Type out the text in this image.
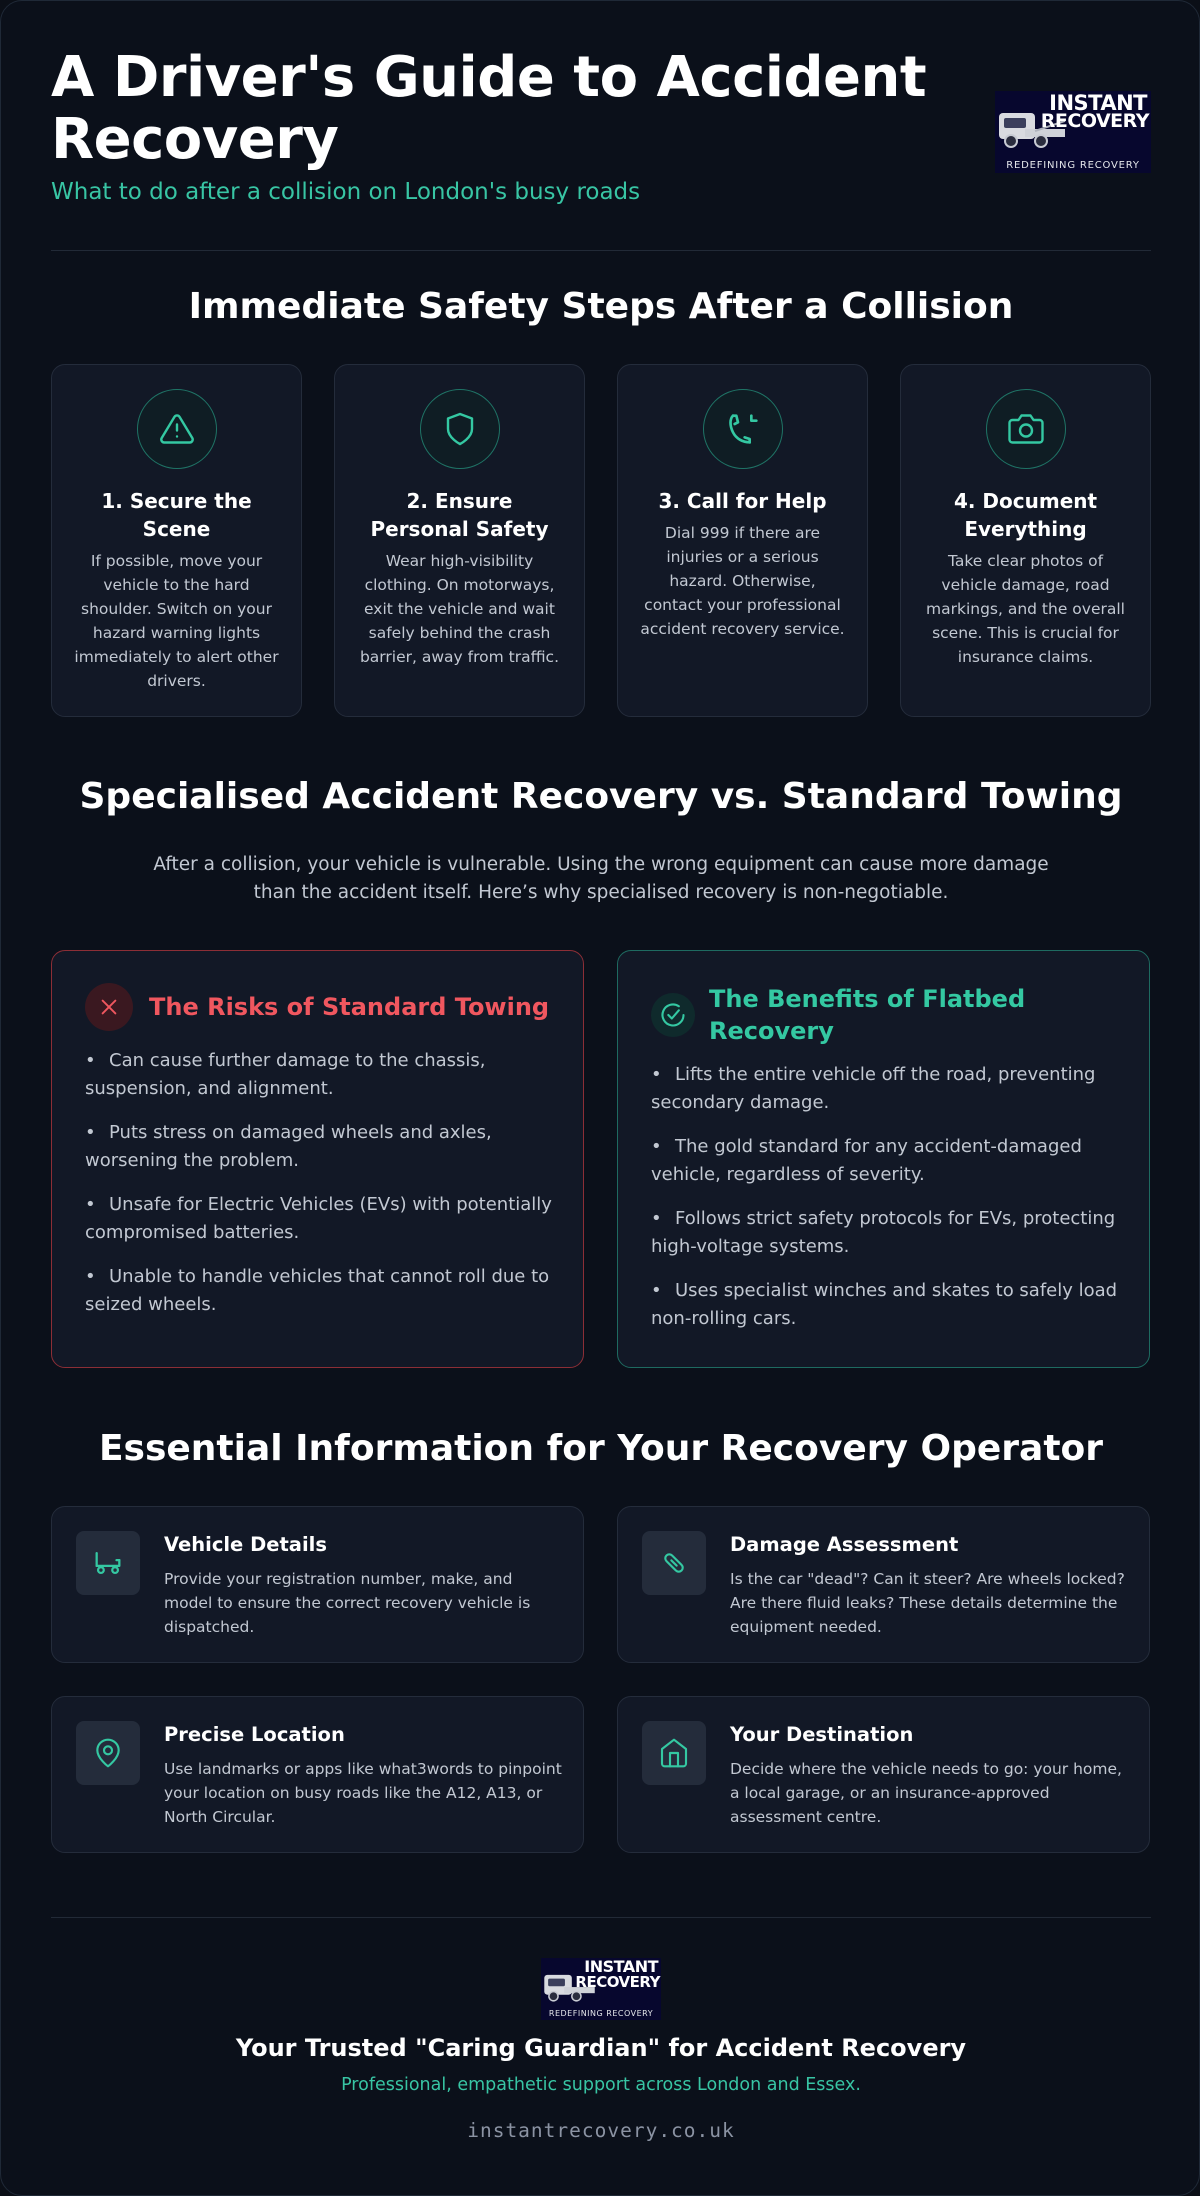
A Driver's Guide to Accident Recovery
What to do after a collision on London's busy roads
INSTANT
RECOVERY
REDEFINING RECOVERY
Immediate Safety Steps After a Collision
1. Secure the Scene
If possible, move your vehicle to the hard shoulder. Switch on your hazard warning lights immediately to alert other drivers.
2. Ensure Personal Safety
Wear high-visibility clothing. On motorways, exit the vehicle and wait safely behind the crash barrier, away from traffic.
3. Call for Help
Dial 999 if there are injuries or a serious hazard. Otherwise, contact your professional accident recovery service.
4. Document Everything
Take clear photos of vehicle damage, road markings, and the overall scene. This is crucial for insurance claims.
Specialised Accident Recovery vs. Standard Towing

After a collision, your vehicle is vulnerable. Using the wrong equipment can cause more damage than the accident itself. Here’s why specialised recovery is non-negotiable.

The Risks of Standard Towing
• Can cause further damage to the chassis, suspension, and alignment.
• Puts stress on damaged wheels and axles, worsening the problem.
• Unsafe for Electric Vehicles (EVs) with potentially compromised batteries.
• Unable to handle vehicles that cannot roll due to seized wheels.
The Benefits of Flatbed Recovery
• Lifts the entire vehicle off the road, preventing secondary damage.
• The gold standard for any accident-damaged vehicle, regardless of severity.
• Follows strict safety protocols for EVs, protecting high-voltage systems.
• Uses specialist winches and skates to safely load non-rolling cars.
Essential Information for Your Recovery Operator
Vehicle Details
Provide your registration number, make, and model to ensure the correct recovery vehicle is dispatched.
Damage Assessment
Is the car "dead"? Can it steer? Are wheels locked? Are there fluid leaks? These details determine the equipment needed.
Precise Location
Use landmarks or apps like what3words to pinpoint your location on busy roads like the A12, A13, or North Circular.
Your Destination
Decide where the vehicle needs to go: your home, a local garage, or an insurance-approved assessment centre.
INSTANT
RECOVERY
REDEFINING RECOVERY
Your Trusted "Caring Guardian" for Accident Recovery
Professional, empathetic support across London and Essex.
instantrecovery.co.uk
